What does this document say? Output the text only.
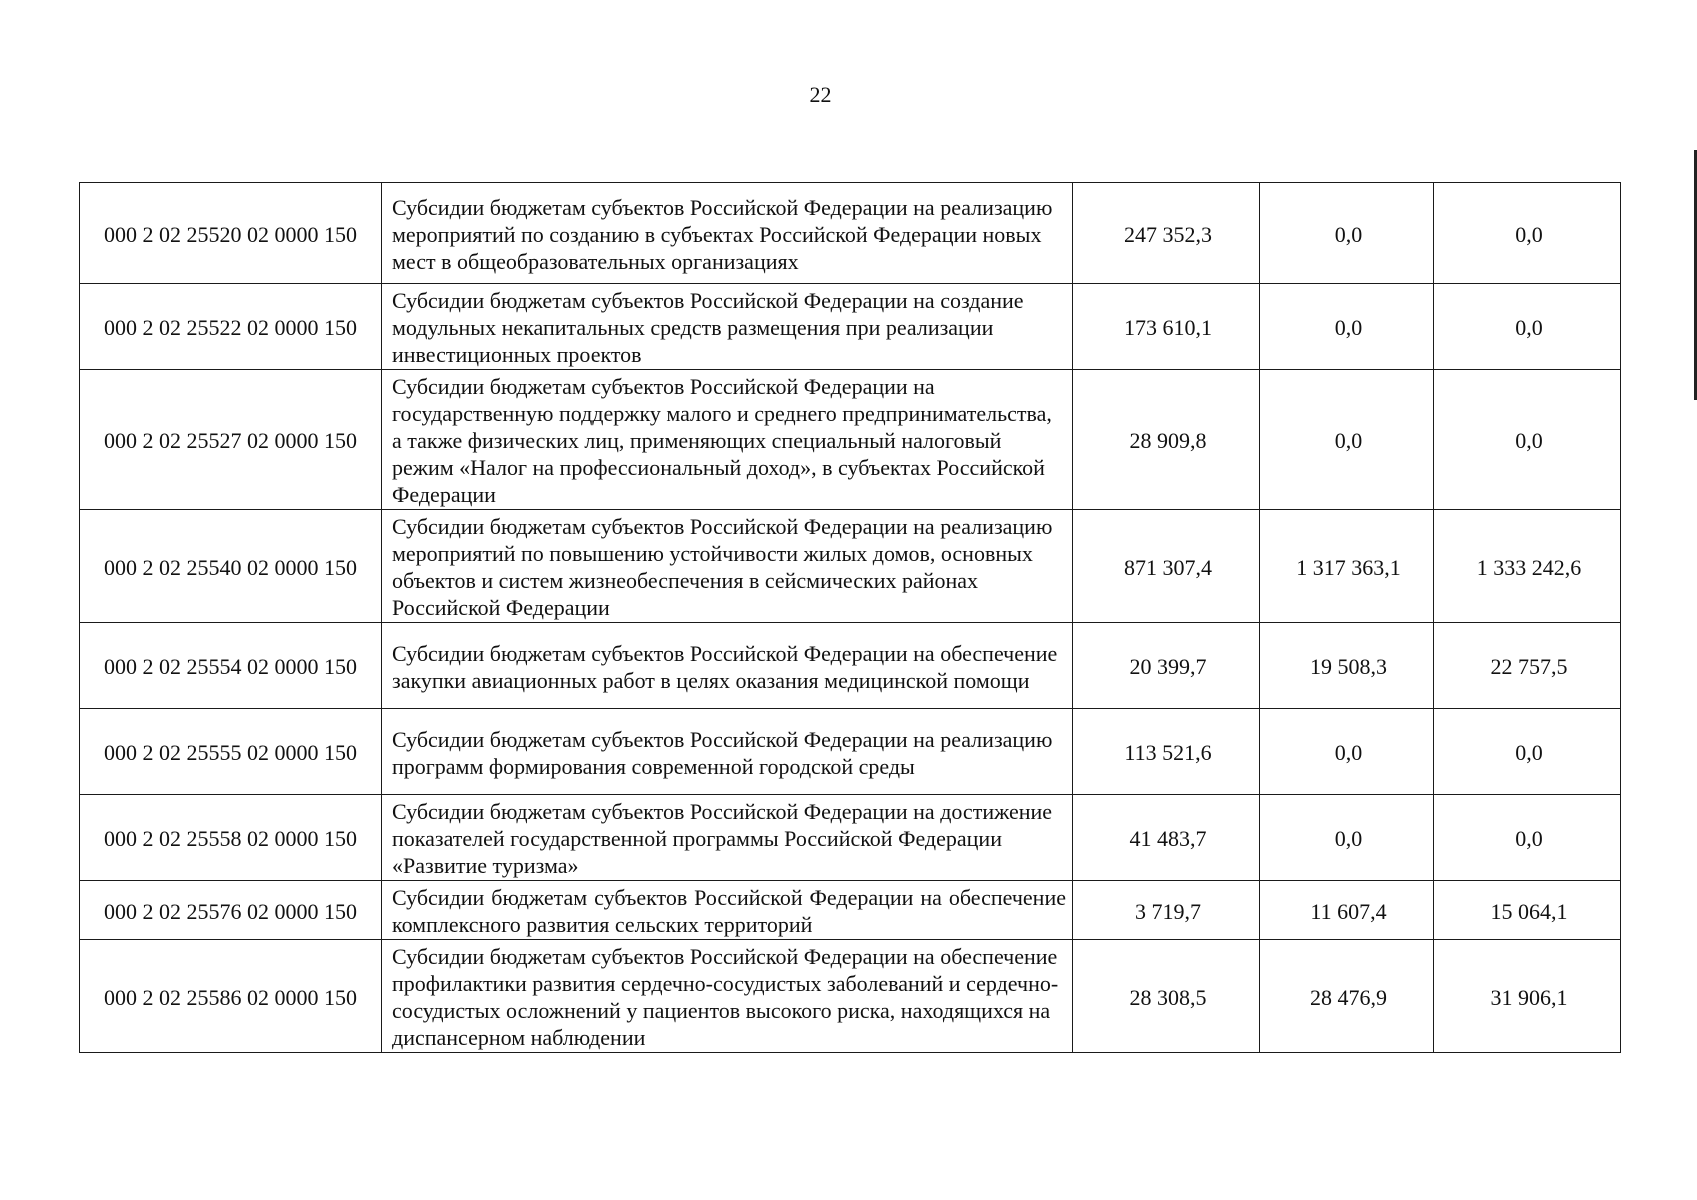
22
000 2 02 25520 02 0000 150	Субсидии бюджетам субъектов Российской Федерации на реализацию мероприятий по созданию в субъектах Российской Федерации новых мест в общеобразовательных организациях	247 352,3	0,0	0,0
000 2 02 25522 02 0000 150	Субсидии бюджетам субъектов Российской Федерации на создание модульных некапитальных средств размещения при реализации инвестиционных проектов	173 610,1	0,0	0,0
000 2 02 25527 02 0000 150	Субсидии бюджетам субъектов Российской Федерации на государственную поддержку малого и среднего предпринимательства, а также физических лиц, применяющих специальный налоговый режим «Налог на профессиональный доход», в субъектах Российской Федерации	28 909,8	0,0	0,0
000 2 02 25540 02 0000 150	Субсидии бюджетам субъектов Российской Федерации на реализацию мероприятий по повышению устойчивости жилых домов, основных объектов и систем жизнеобеспечения в сейсмических районах Российской Федерации	871 307,4	1 317 363,1	1 333 242,6
000 2 02 25554 02 0000 150	Субсидии бюджетам субъектов Российской Федерации на обеспечение закупки авиационных работ в целях оказания медицинской помощи	20 399,7	19 508,3	22 757,5
000 2 02 25555 02 0000 150	Субсидии бюджетам субъектов Российской Федерации на реализацию программ формирования современной городской среды	113 521,6	0,0	0,0
000 2 02 25558 02 0000 150	Субсидии бюджетам субъектов Российской Федерации на достижение показателей государственной программы Российской Федерации «Развитие туризма»	41 483,7	0,0	0,0
000 2 02 25576 02 0000 150	Субсидии бюджетам субъектов Российской Федерации на обеспечение комплексного развития сельских территорий	3 719,7	11 607,4	15 064,1
000 2 02 25586 02 0000 150	Субсидии бюджетам субъектов Российской Федерации на обеспечение профилактики развития сердечно-сосудистых заболеваний и сердечно-сосудистых осложнений у пациентов высокого риска, находящихся на диспансерном наблюдении	28 308,5	28 476,9	31 906,1
